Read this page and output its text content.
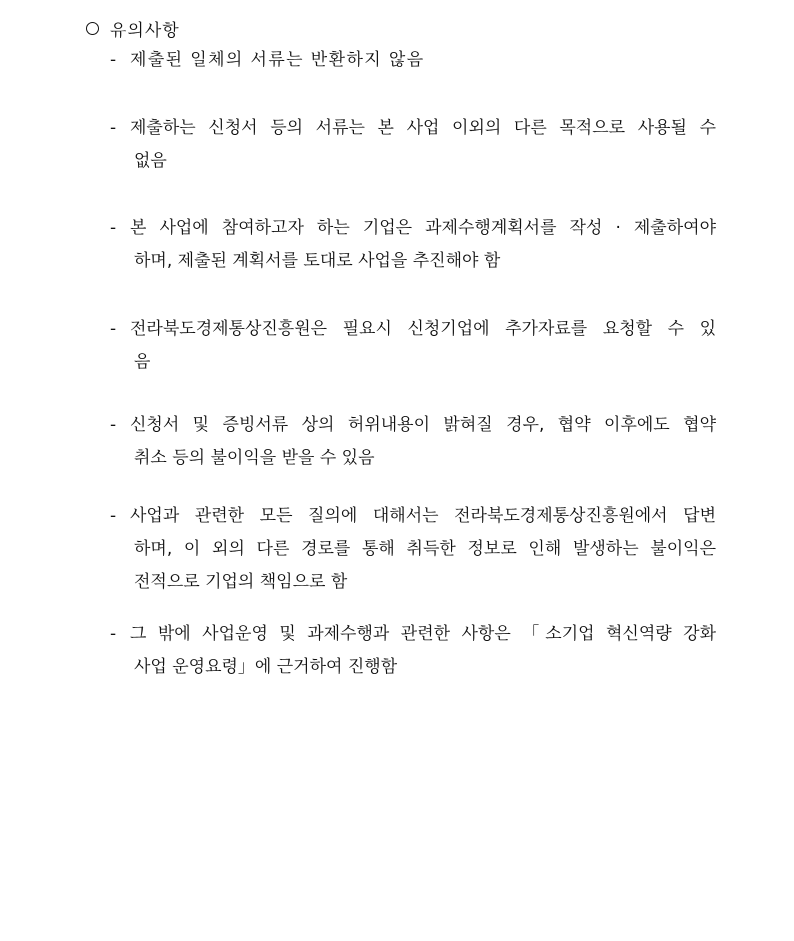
유의사항
- 제출된 일체의 서류는 반환하지 않음
- 제출하는 신청서 등의 서류는 본 사업 이외의 다른 목적으로 사용될 수
없음
- 본 사업에 참여하고자 하는 기업은 과제수행계획서를 작성 · 제출하여야
하며, 제출된 계획서를 토대로 사업을 추진해야 함
- 전라북도경제통상진흥원은 필요시 신청기업에 추가자료를 요청할 수 있
음
- 신청서 및 증빙서류 상의 허위내용이 밝혀질 경우, 협약 이후에도 협약
취소 등의 불이익을 받을 수 있음
- 사업과 관련한 모든 질의에 대해서는 전라북도경제통상진흥원에서 답변
하며, 이 외의 다른 경로를 통해 취득한 정보로 인해 발생하는 불이익은
전적으로 기업의 책임으로 함
- 그 밖에 사업운영 및 과제수행과 관련한 사항은 「소기업 혁신역량 강화
사업 운영요령」에 근거하여 진행함
